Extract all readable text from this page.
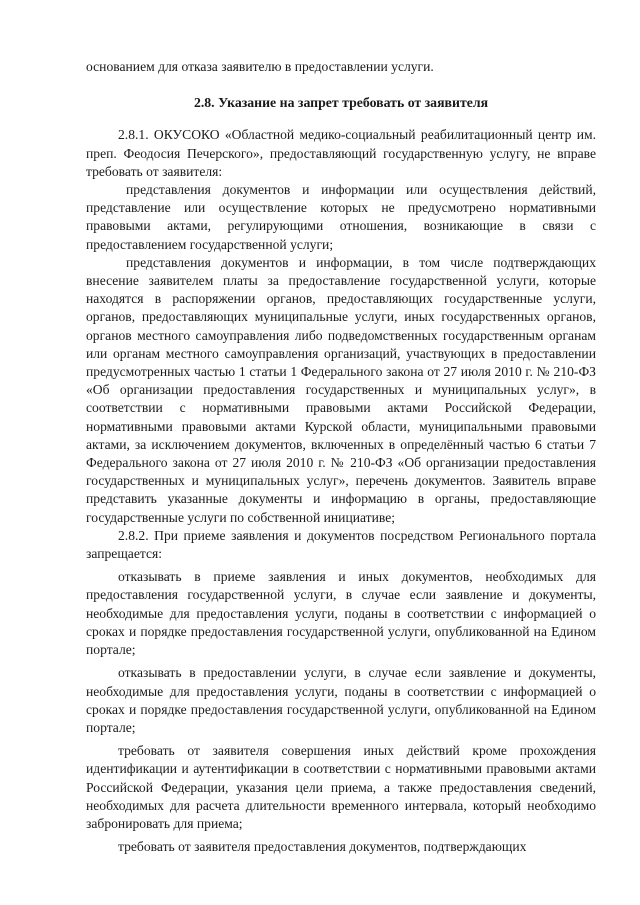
основанием для отказа заявителю в предоставлении услуги.

2.8. Указание на запрет требовать от заявителя

2.8.1. ОКУСОКО «Областной медико-социальный реабилитационный центр им. преп. Феодосия Печерского», предоставляющий государственную услугу, не вправе требовать от заявителя:

представления документов и информации или осуществления действий, представление или осуществление которых не предусмотрено нормативными правовыми актами, регулирующими отношения, возникающие в связи с предоставлением государственной услуги;

представления документов и информации, в том числе подтверждающих внесение заявителем платы за предоставление государственной услуги, которые находятся в распоряжении органов, предоставляющих государственные услуги, органов, предоставляющих муниципальные услуги, иных государственных органов, органов местного самоуправления либо подведомственных государственным органам или органам местного самоуправления организаций, участвующих в предоставлении предусмотренных частью 1 статьи 1 Федерального закона от 27 июля 2010 г. № 210-ФЗ «Об организации предоставления государственных и муниципальных услуг», в соответствии с нормативными правовыми актами Российской Федерации, нормативными правовыми актами Курской области, муниципальными правовыми актами, за исключением документов, включенных в определённый частью 6 статьи 7 Федерального закона от 27 июля 2010 г. № 210-ФЗ «Об организации предоставления государственных и муниципальных услуг», перечень документов. Заявитель вправе представить указанные документы и информацию в органы, предоставляющие государственные услуги по собственной инициативе;

2.8.2. При приеме заявления и документов посредством Регионального портала запрещается:

отказывать в приеме заявления и иных документов, необходимых для предоставления государственной услуги, в случае если заявление и документы, необходимые для предоставления услуги, поданы в соответствии с информацией о сроках и порядке предоставления государственной услуги, опубликованной на Едином портале;

отказывать в предоставлении услуги, в случае если заявление и документы, необходимые для предоставления услуги, поданы в соответствии с информацией о сроках и порядке предоставления государственной услуги, опубликованной на Едином портале;

требовать от заявителя совершения иных действий кроме прохождения идентификации и аутентификации в соответствии с нормативными правовыми актами Российской Федерации, указания цели приема, а также предоставления сведений, необходимых для расчета длительности временного интервала, который необходимо забронировать для приема;

требовать от заявителя предоставления документов, подтверждающих
